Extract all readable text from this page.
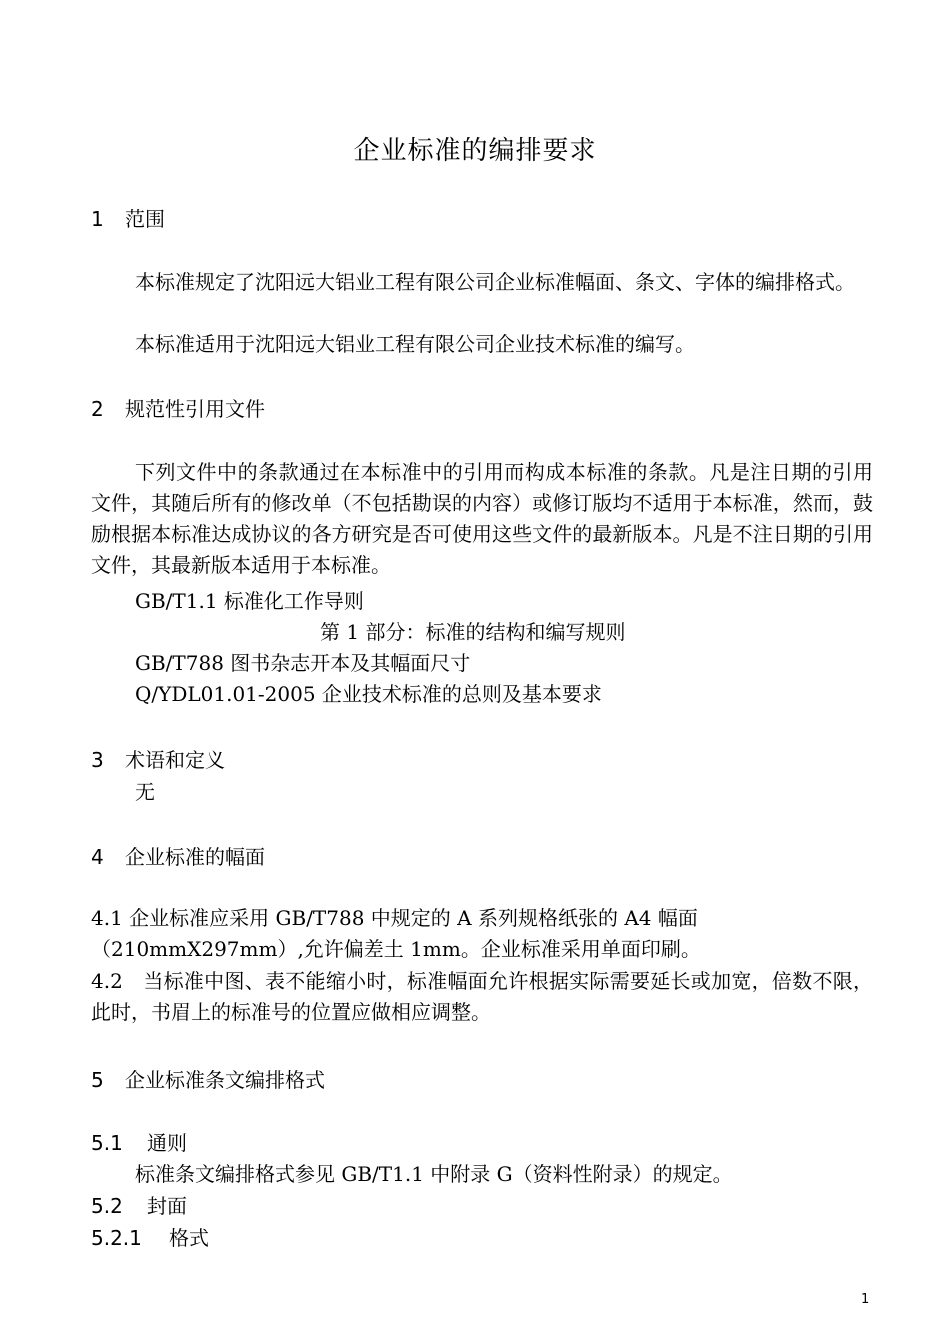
企业标准的编排要求
1 范围
本标准规定了沈阳远大铝业工程有限公司企业标准幅面、条文、字体的编排格式。
本标准适用于沈阳远大铝业工程有限公司企业技术标准的编写。
2 规范性引用文件
下列文件中的条款通过在本标准中的引用而构成本标准的条款。凡是注日期的引用文件，其随后所有的修改单（不包括勘误的内容）或修订版均不适用于本标准，然而，鼓励根据本标准达成协议的各方研究是否可使用这些文件的最新版本。凡是不注日期的引用文件，其最新版本适用于本标准。
GB/T1.1 标准化工作导则
第 1 部分：标准的结构和编写规则
GB/T788 图书杂志开本及其幅面尺寸
Q/YDL01.01-2005 企业技术标准的总则及基本要求
3 术语和定义
无
4 企业标准的幅面
4.1 企业标准应采用 GB/T788 中规定的 A 系列规格纸张的 A4 幅面
（210mmX297mm）,允许偏差土 1mm。企业标准采用单面印刷。
4.2　当标准中图、表不能缩小时，标准幅面允许根据实际需要延长或加宽，倍数不限，此时，书眉上的标准号的位置应做相应调整。
5 企业标准条文编排格式
5.1 通则
标准条文编排格式参见 GB/T1.1 中附录 G（资料性附录）的规定。
5.2 封面
5.2.1 格式
1
